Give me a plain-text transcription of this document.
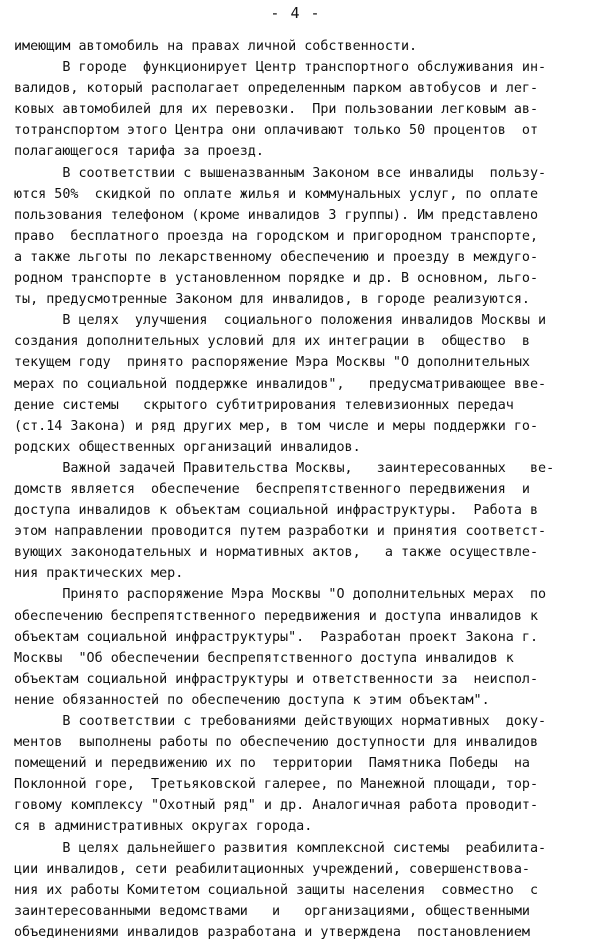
- 4 -
имеющим автомобиль на правах личной собственности.
В городе  функционирует Центр транспортного обслуживания ин-
валидов, который располагает определенным парком автобусов и лег-
ковых автомобилей для их перевозки.  При пользовании легковым ав-
тотранспортом этого Центра они оплачивают только 50 процентов  от
полагающегося тарифа за проезд.
В соответствии с вышеназванным Законом все инвалиды  пользу-
ются 50%  скидкой по оплате жилья и коммунальных услуг, по оплате
пользования телефоном (кроме инвалидов 3 группы). Им представлено
право  бесплатного проезда на городском и пригородном транспорте,
а также льготы по лекарственному обеспечению и проезду в междуго-
родном транспорте в установленном порядке и др. В основном, льго-
ты, предусмотренные Законом для инвалидов, в городе реализуются.
В целях  улучшения  социального положения инвалидов Москвы и
создания дополнительных условий для их интеграции в  общество  в
текущем году  принято распоряжение Мэра Москвы "О дополнительных
мерах по социальной поддержке инвалидов",   предусматривающее вве-
дение системы   скрытого субтитрирования телевизионных передач
(ст.14 Закона) и ряд других мер, в том числе и меры поддержки го-
родских общественных организаций инвалидов.
Важной задачей Правительства Москвы,   заинтересованных   ве-
домств является  обеспечение  беспрепятственного передвижения  и
доступа инвалидов к объектам социальной инфраструктуры.  Работа в
этом направлении проводится путем разработки и принятия соответст-
вующих законодательных и нормативных актов,   а также осуществле-
ния практических мер.
Принято распоряжение Мэра Москвы "О дополнительных мерах  по
обеспечению беспрепятственного передвижения и доступа инвалидов к
объектам социальной инфраструктуры".  Разработан проект Закона г.
Москвы  "Об обеспечении беспрепятственного доступа инвалидов к
объектам социальной инфраструктуры и ответственности за  неиспол-
нение обязанностей по обеспечению доступа к этим объектам".
В соответствии с требованиями действующих нормативных  доку-
ментов  выполнены работы по обеспечению доступности для инвалидов
помещений и передвижению их по  территории  Памятника Победы  на
Поклонной горе,  Третьяковской галерее, по Манежной площади, тор-
говому комплексу "Охотный ряд" и др. Аналогичная работа проводит-
ся в административных округах города.
В целях дальнейшего развития комплексной системы  реабилита-
ции инвалидов, сети реабилитационных учреждений, совершенствова-
ния их работы Комитетом социальной защиты населения  совместно  с
заинтересованными ведомствами   и   организациями, общественными
объединениями инвалидов разработана и утверждена  постановлением
